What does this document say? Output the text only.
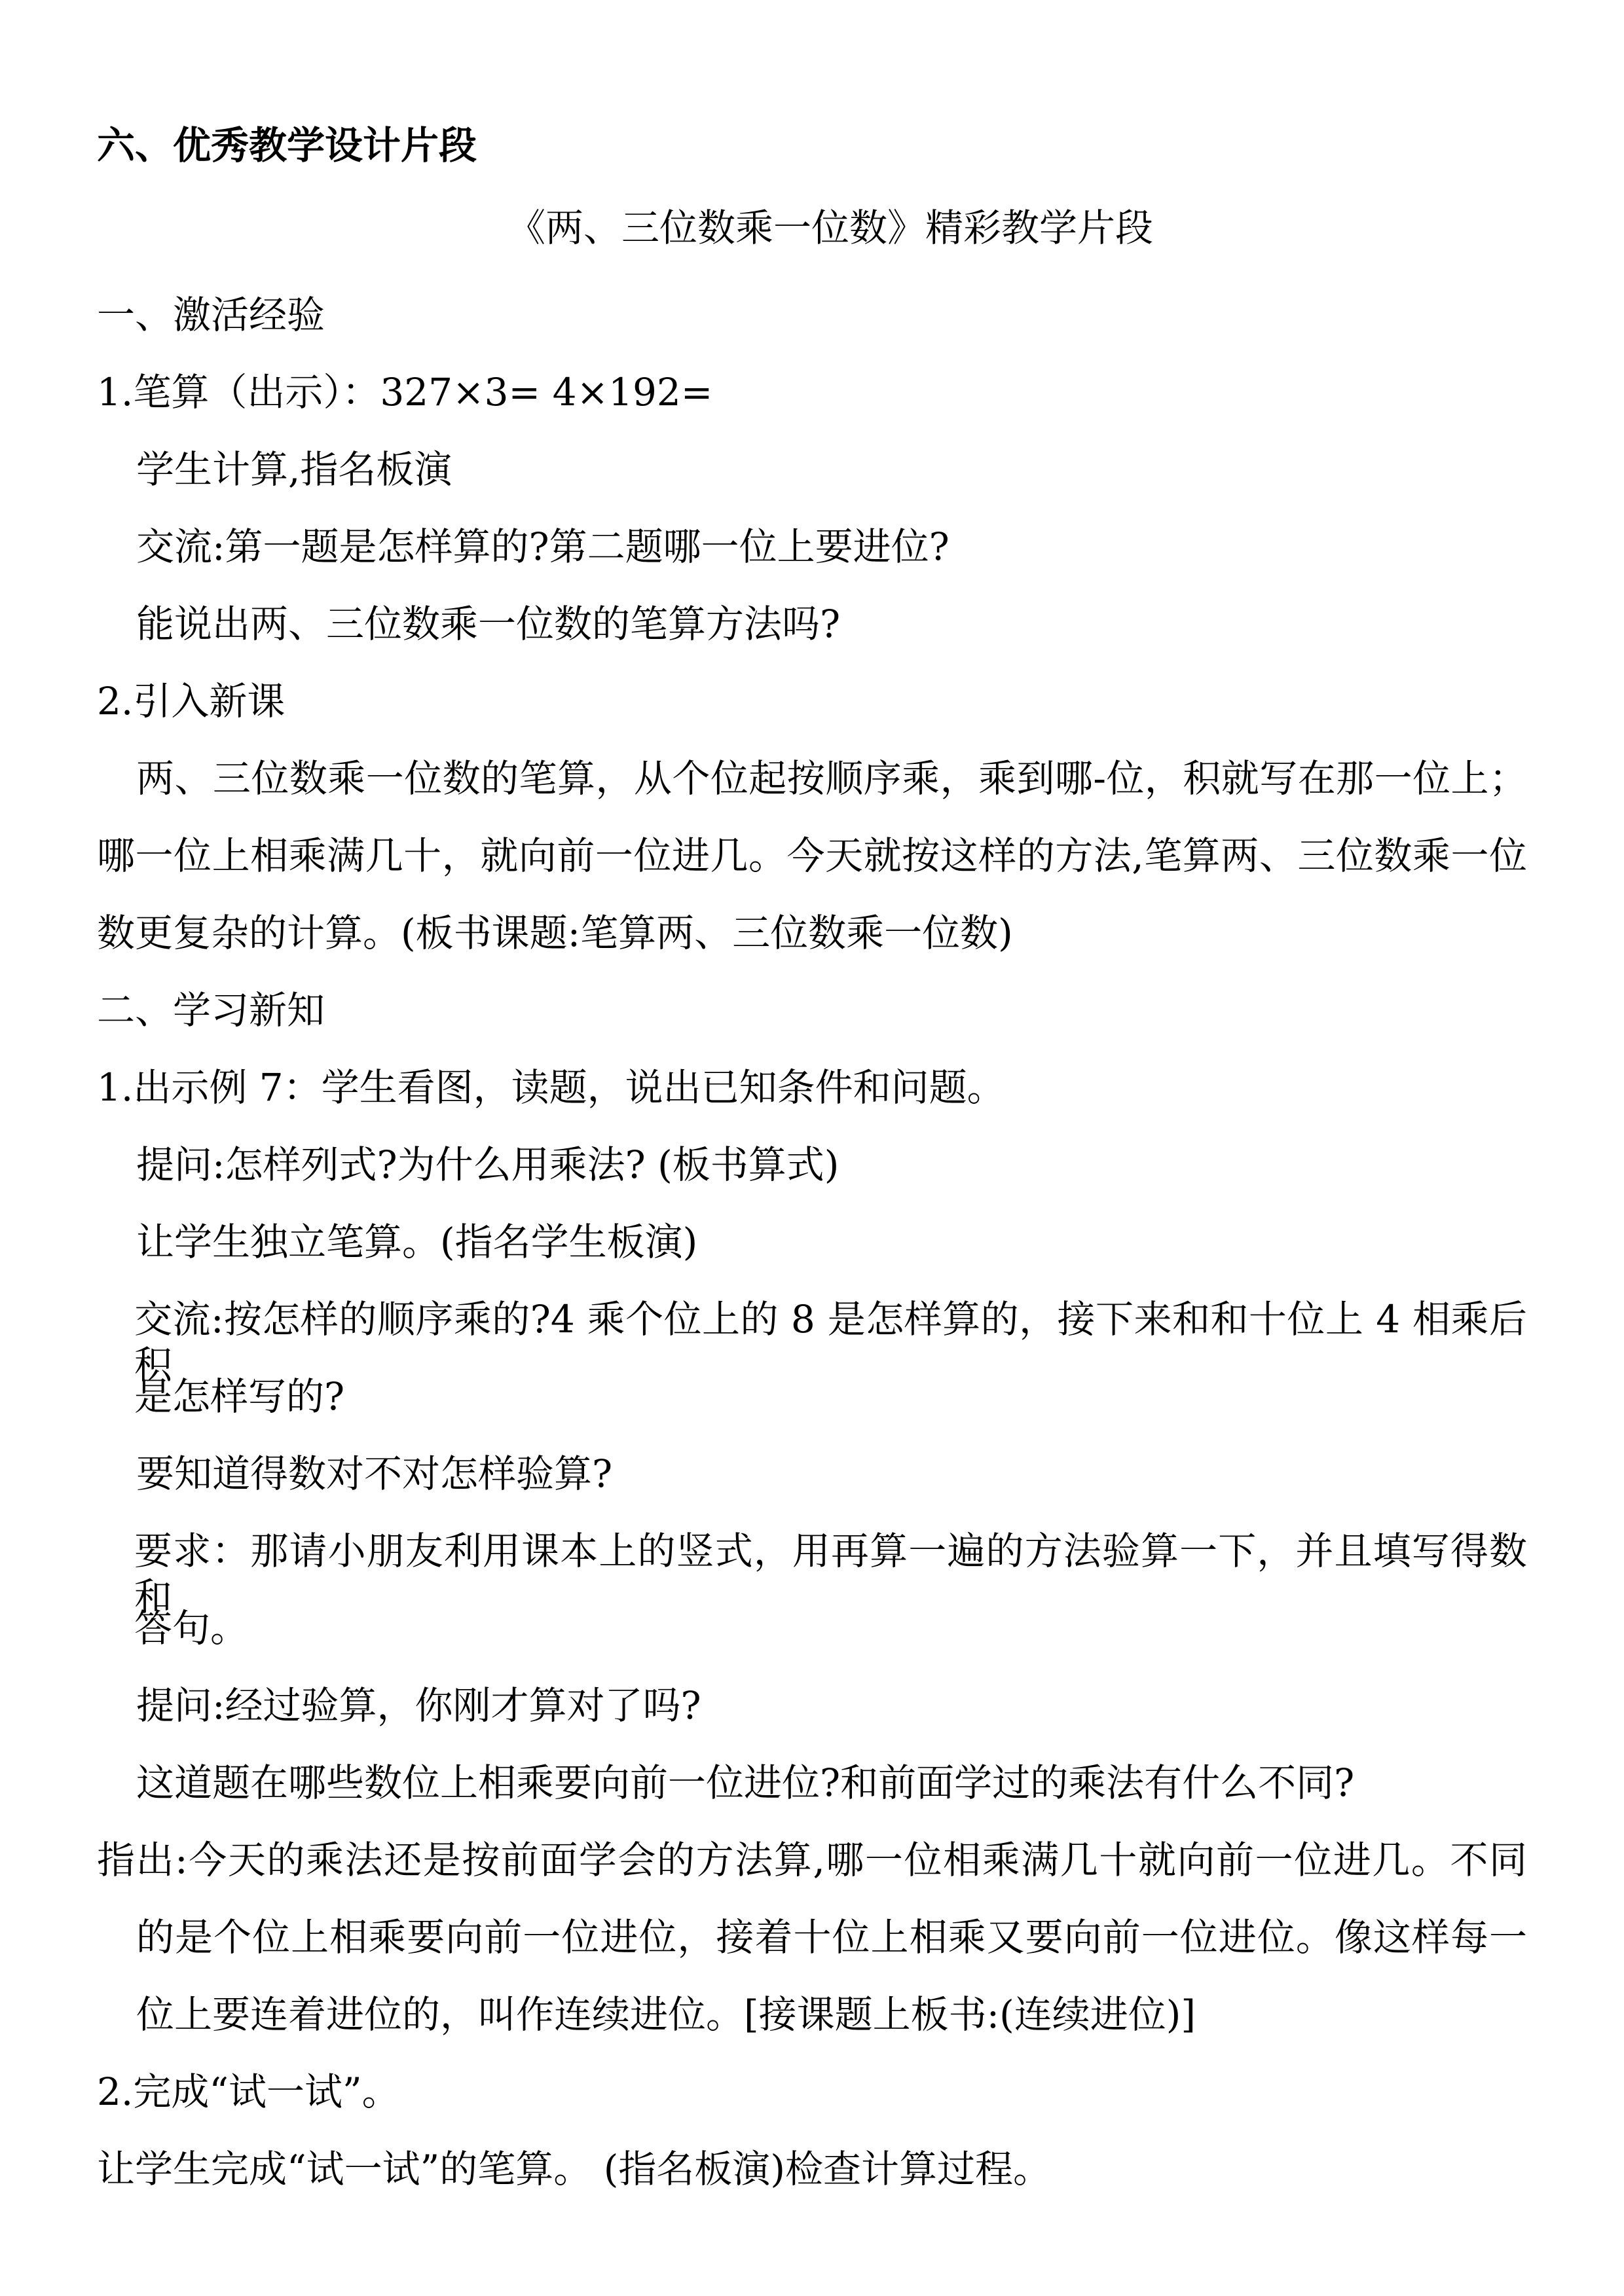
六、优秀教学设计片段
《两、三位数乘一位数》精彩教学片段
一、激活经验
1.笔算（出示）：327×3= 4×192=
学生计算,指名板演
交流:第一题是怎样算的?第二题哪一位上要进位?
能说出两、三位数乘一位数的笔算方法吗?
2.引入新课
两、三位数乘一位数的笔算，从个位起按顺序乘，乘到哪-位，积就写在那一位上；
哪一位上相乘满几十，就向前一位进几。今天就按这样的方法,笔算两、三位数乘一位
数更复杂的计算。(板书课题:笔算两、三位数乘一位数)
二、学习新知
1.出示例 7：学生看图，读题，说出已知条件和问题。
提问:怎样列式?为什么用乘法? (板书算式)
让学生独立笔算。(指名学生板演)
交流:按怎样的顺序乘的?4 乘个位上的 8 是怎样算的，接下来和和十位上 4 相乘后积
是怎样写的?
要知道得数对不对怎样验算?
要求：那请小朋友利用课本上的竖式，用再算一遍的方法验算一下，并且填写得数和
答句。
提问:经过验算，你刚才算对了吗?
这道题在哪些数位上相乘要向前一位进位?和前面学过的乘法有什么不同?
指出:今天的乘法还是按前面学会的方法算,哪一位相乘满几十就向前一位进几。不同
的是个位上相乘要向前一位进位，接着十位上相乘又要向前一位进位。像这样每一
位上要连着进位的，叫作连续进位。[接课题上板书:(连续进位)]
2.完成“试一试”。
让学生完成“试一试”的笔算。 (指名板演)检查计算过程。
